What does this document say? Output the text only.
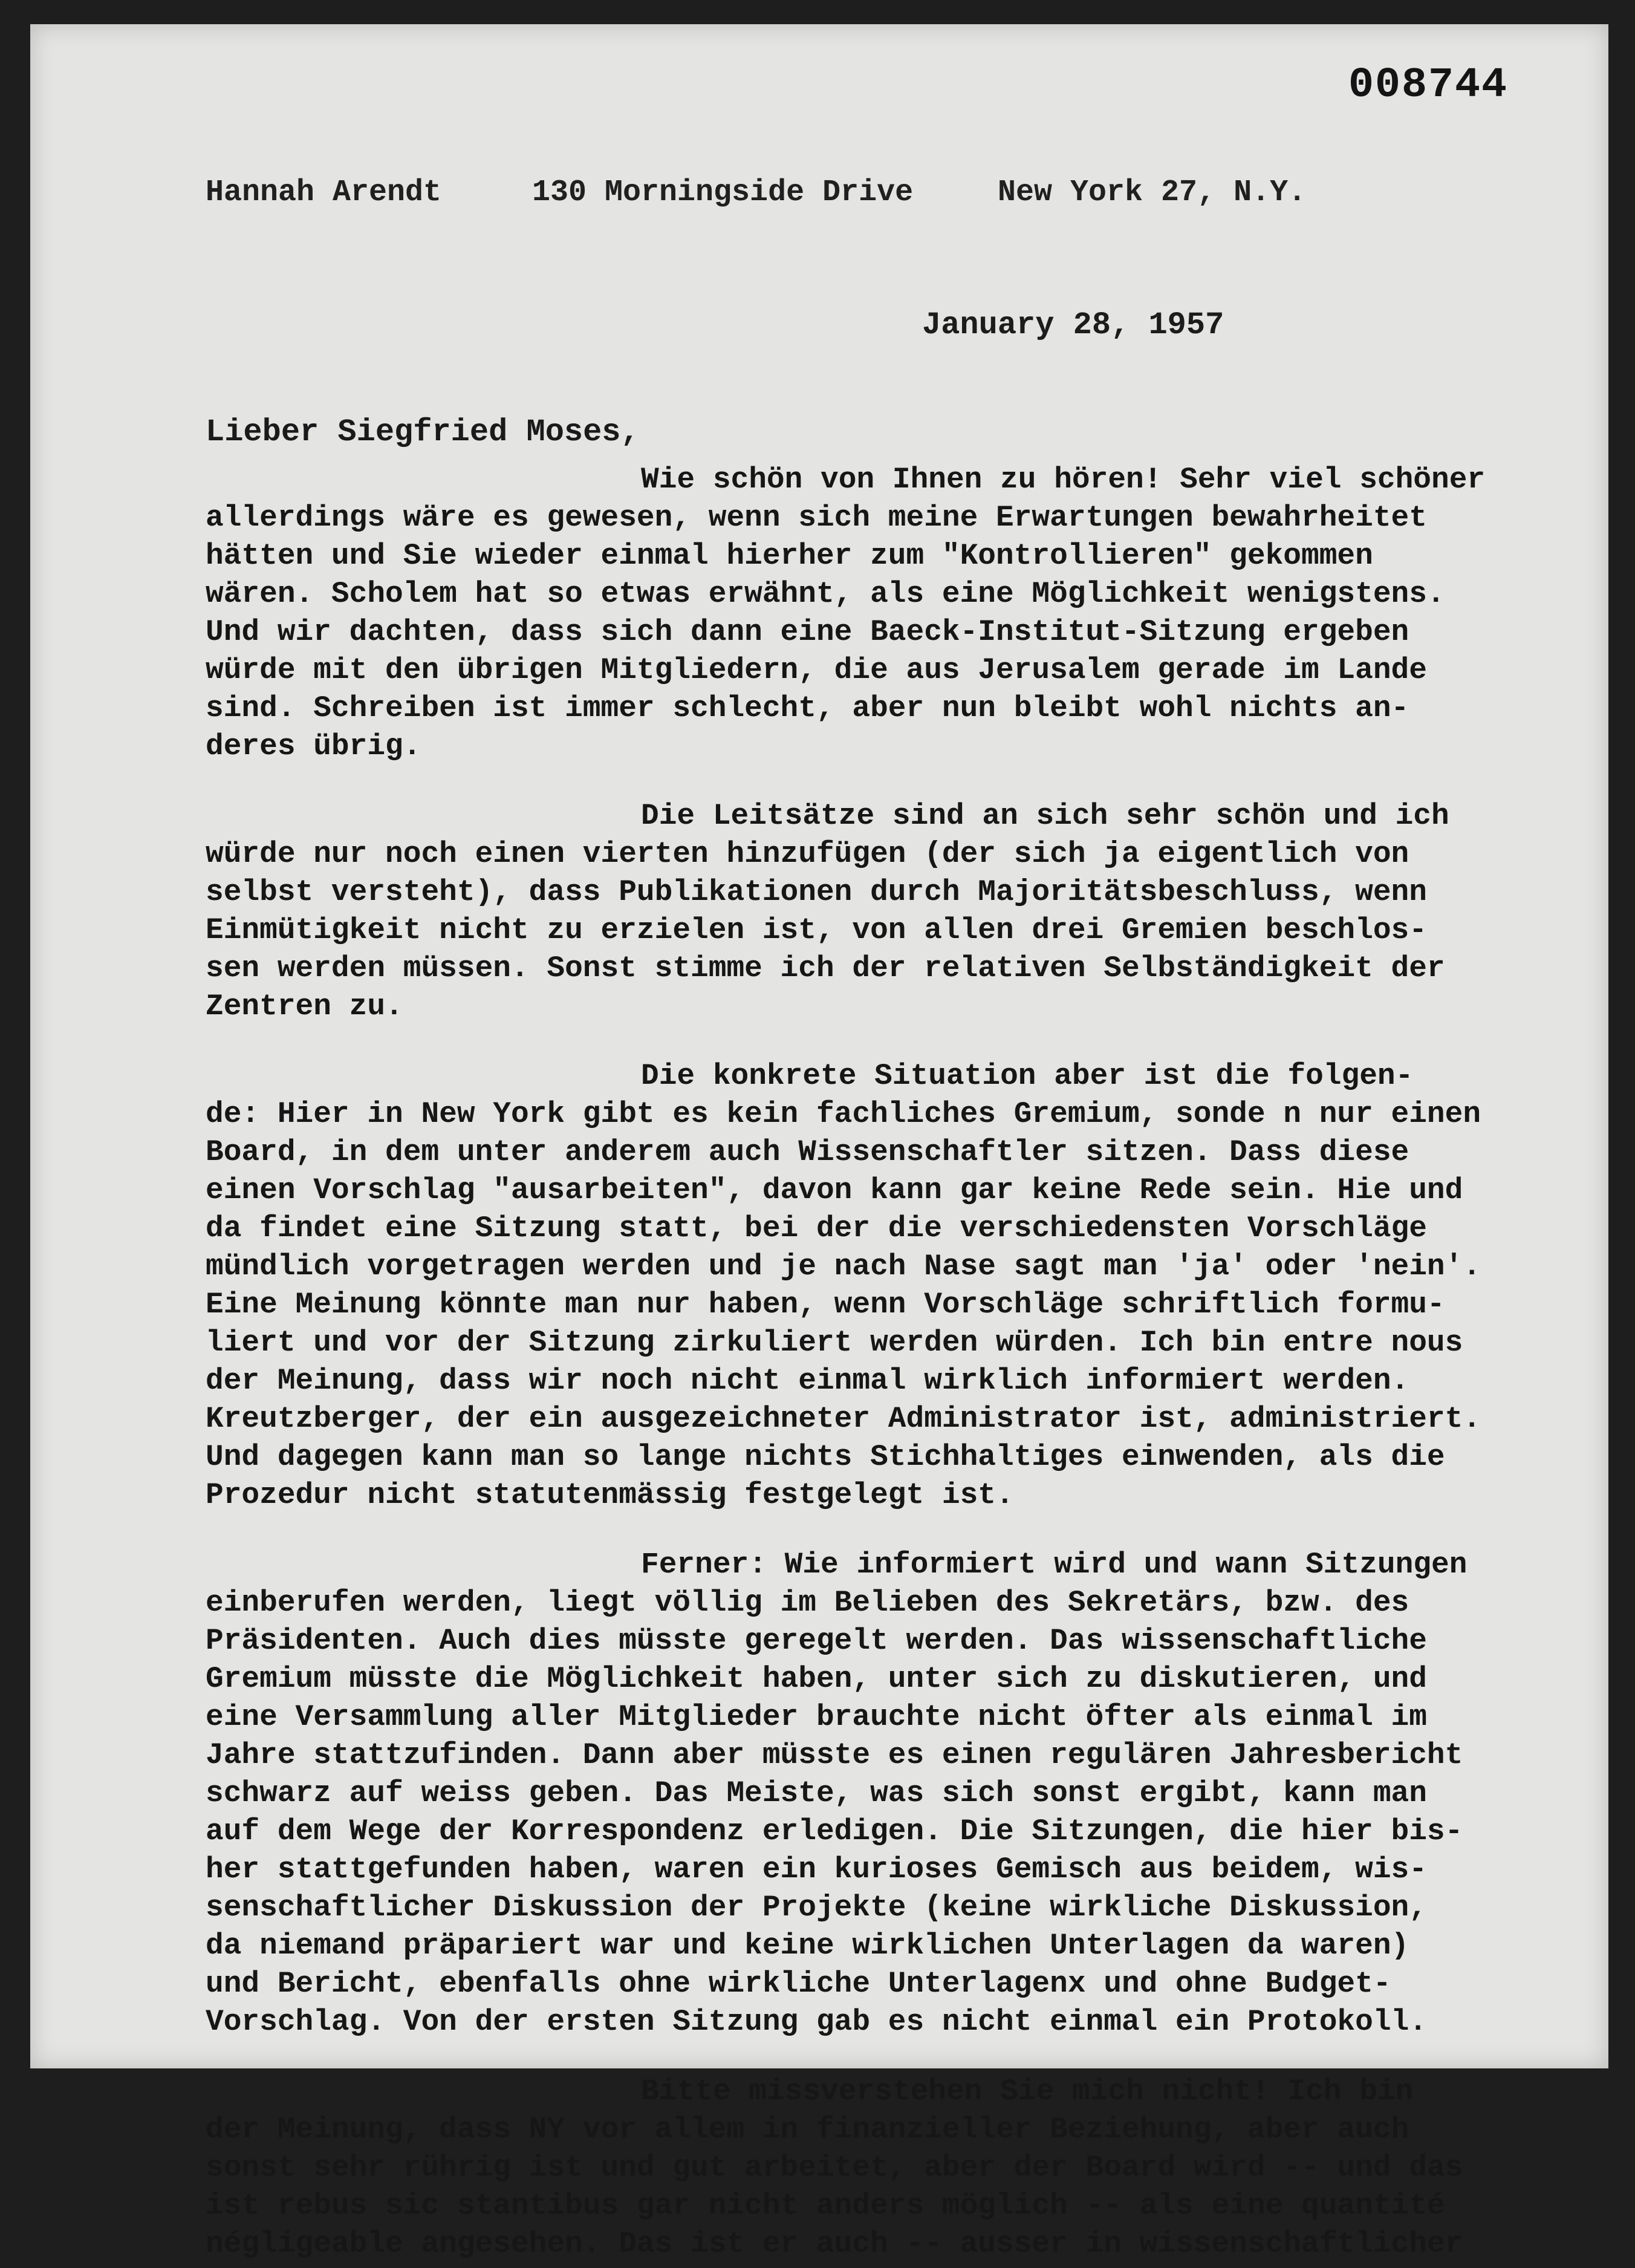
008744
Hannah Arendt	130 Morningside Drive	New York 27, N.Y.
January 28, 1957
Lieber Siegfried Moses,
Wie schön von Ihnen zu hören! Sehr viel schöner
allerdings wäre es gewesen, wenn sich meine Erwartungen bewahrheitet
hätten und Sie wieder einmal hierher zum "Kontrollieren" gekommen
wären. Scholem hat so etwas erwähnt, als eine Möglichkeit wenigstens.
Und wir dachten, dass sich dann eine Baeck-Institut-Sitzung ergeben
würde mit den übrigen Mitgliedern, die aus Jerusalem gerade im Lande
sind. Schreiben ist immer schlecht, aber nun bleibt wohl nichts an-
deres übrig.
Die Leitsätze sind an sich sehr schön und ich
würde nur noch einen vierten hinzufügen (der sich ja eigentlich von
selbst versteht), dass Publikationen durch Majoritätsbeschluss, wenn
Einmütigkeit nicht zu erzielen ist, von allen drei Gremien beschlos-
sen werden müssen. Sonst stimme ich der relativen Selbständigkeit der
Zentren zu.
Die konkrete Situation aber ist die folgen-
de: Hier in New York gibt es kein fachliches Gremium, sonde n nur einen
Board, in dem unter anderem auch Wissenschaftler sitzen. Dass diese
einen Vorschlag "ausarbeiten", davon kann gar keine Rede sein. Hie und
da findet eine Sitzung statt, bei der die verschiedensten Vorschläge
mündlich vorgetragen werden und je nach Nase sagt man 'ja' oder 'nein'.
Eine Meinung könnte man nur haben, wenn Vorschläge schriftlich formu-
liert und vor der Sitzung zirkuliert werden würden. Ich bin entre nous
der Meinung, dass wir noch nicht einmal wirklich informiert werden.
Kreutzberger, der ein ausgezeichneter Administrator ist, administriert.
Und dagegen kann man so lange nichts Stichhaltiges einwenden, als die
Prozedur nicht statutenmässig festgelegt ist.
Ferner: Wie informiert wird und wann Sitzungen
einberufen werden, liegt völlig im Belieben des Sekretärs, bzw. des
Präsidenten. Auch dies müsste geregelt werden. Das wissenschaftliche
Gremium müsste die Möglichkeit haben, unter sich zu diskutieren, und
eine Versammlung aller Mitglieder brauchte nicht öfter als einmal im
Jahre stattzufinden. Dann aber müsste es einen regulären Jahresbericht
schwarz auf weiss geben. Das Meiste, was sich sonst ergibt, kann man
auf dem Wege der Korrespondenz erledigen. Die Sitzungen, die hier bis-
her stattgefunden haben, waren ein kurioses Gemisch aus beidem, wis-
senschaftlicher Diskussion der Projekte (keine wirkliche Diskussion,
da niemand präpariert war und keine wirklichen Unterlagen da waren)
und Bericht, ebenfalls ohne wirkliche Unterlagenx und ohne Budget-
Vorschlag. Von der ersten Sitzung gab es nicht einmal ein Protokoll.
Bitte missverstehen Sie mich nicht! Ich bin
der Meinung, dass NY vor allem in finanzieller Beziehung, aber auch
sonst sehr rührig ist und gut arbeitet, aber der Board wird -- und das
ist rebus sic stantibus gar nicht anders möglich -- als eine quantité
négligeable angesehen. Das ist er auch -- ausser in wissenschaftlicher
